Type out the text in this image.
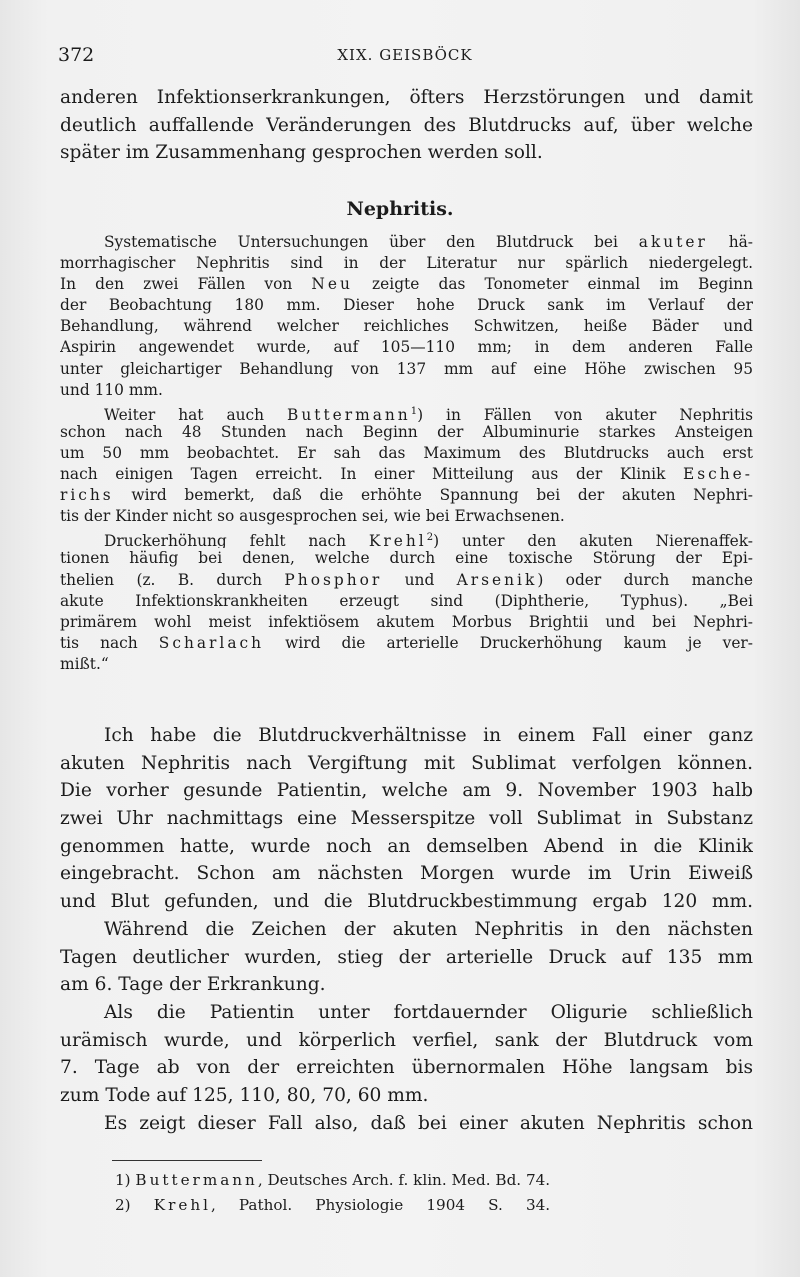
372	XIX. GEISBÖCK
anderen Infektionserkrankungen, öfters Herzstörungen und damit
deutlich auffallende Veränderungen des Blutdrucks auf, über welche
später im Zusammenhang gesprochen werden soll.
Nephritis.
Systematische Untersuchungen über den Blutdruck bei akuter hä-
morrhagischer Nephritis sind in der Literatur nur spärlich niedergelegt.
In den zwei Fällen von Neu zeigte das Tonometer einmal im Beginn
der Beobachtung 180 mm. Dieser hohe Druck sank im Verlauf der
Behandlung, während welcher reichliches Schwitzen, heiße Bäder und
Aspirin angewendet wurde, auf 105—110 mm; in dem anderen Falle
unter gleichartiger Behandlung von 137 mm auf eine Höhe zwischen 95
und 110 mm.
Weiter hat auch Buttermann$^1$) in Fällen von akuter Nephritis
schon nach 48 Stunden nach Beginn der Albuminurie starkes Ansteigen
um 50 mm beobachtet. Er sah das Maximum des Blutdrucks auch erst
nach einigen Tagen erreicht. In einer Mitteilung aus der Klinik Esche-
richs wird bemerkt, daß die erhöhte Spannung bei der akuten Nephri-
tis der Kinder nicht so ausgesprochen sei, wie bei Erwachsenen.
Druckerhöhung fehlt nach Krehl$^2$) unter den akuten Nierenaffek-
tionen häufig bei denen, welche durch eine toxische Störung der Epi-
thelien (z. B. durch Phosphor und Arsenik) oder durch manche
akute Infektionskrankheiten erzeugt sind (Diphtherie, Typhus). „Bei
primärem wohl meist infektiösem akutem Morbus Brightii und bei Nephri-
tis nach Scharlach wird die arterielle Druckerhöhung kaum je ver-
mißt.“
Ich habe die Blutdruckverhältnisse in einem Fall einer ganz
akuten Nephritis nach Vergiftung mit Sublimat verfolgen können.
Die vorher gesunde Patientin, welche am 9. November 1903 halb
zwei Uhr nachmittags eine Messerspitze voll Sublimat in Substanz
genommen hatte, wurde noch an demselben Abend in die Klinik
eingebracht. Schon am nächsten Morgen wurde im Urin Eiweiß
und Blut gefunden, und die Blutdruckbestimmung ergab 120 mm.
Während die Zeichen der akuten Nephritis in den nächsten
Tagen deutlicher wurden, stieg der arterielle Druck auf 135 mm
am 6. Tage der Erkrankung.
Als die Patientin unter fortdauernder Oligurie schließlich
urämisch wurde, und körperlich verfiel, sank der Blutdruck vom
7. Tage ab von der erreichten übernormalen Höhe langsam bis
zum Tode auf 125, 110, 80, 70, 60 mm.
Es zeigt dieser Fall also, daß bei einer akuten Nephritis schon
1) Buttermann, Deutsches Arch. f. klin. Med. Bd. 74.
2) Krehl, Pathol. Physiologie 1904 S. 34.
